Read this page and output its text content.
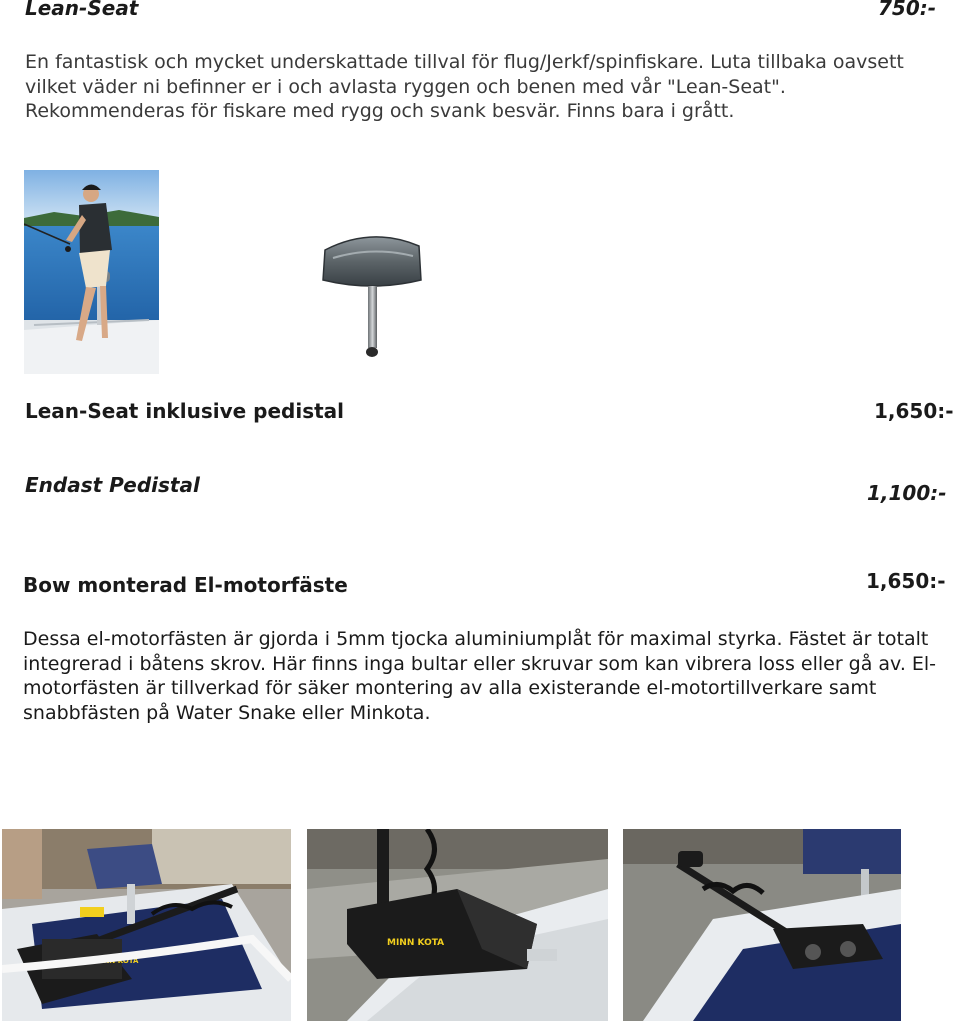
Lean-Seat	750:-

En fantastisk och mycket underskattade tillval för flug/Jerkf/spinfiskare. Luta tillbaka oavsett vilket väder ni befinner er i och avlasta ryggen och benen med vår "Lean-Seat". Rekommenderas för fiskare med rygg och svank besvär. Finns bara i grått.

Lean-Seat inklusive pedistal	1,650:-
Endast Pedistal	1,100:-
Bow monterad El-motorfäste	1,650:-

Dessa el-motorfästen är gjorda i 5mm tjocka aluminiumplåt för maximal styrka. Fästet är totalt integrerad i båtens skrov. Här finns inga bultar eller skruvar som kan vibrera loss eller gå av. El-motorfästen är tillverkad för säker montering av alla existerande el-motortillverkare samt snabbfästen på Water Snake eller Minkota.

MINN KOTA
MINN KOTA
